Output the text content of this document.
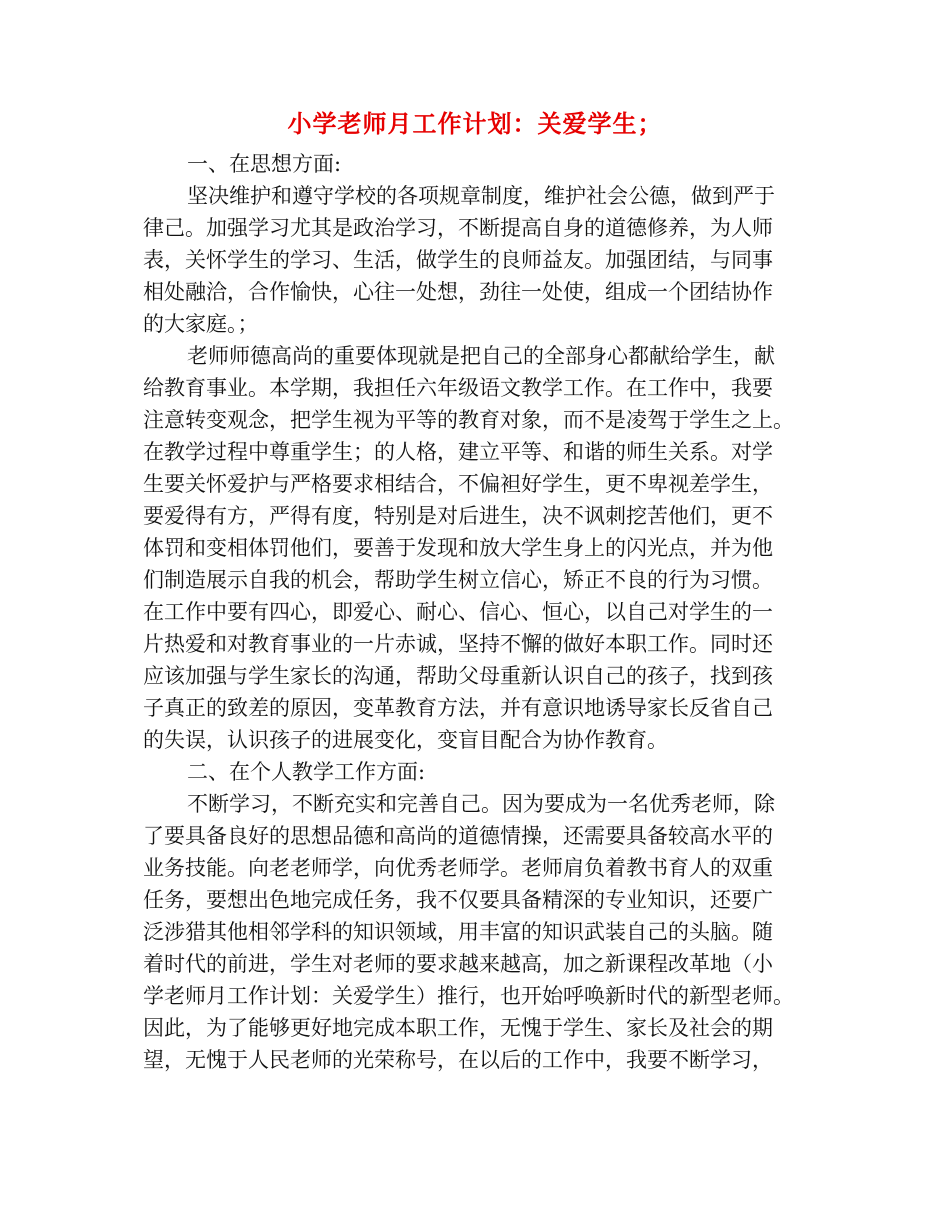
小学老师月工作计划：关爱学生；
一、在思想方面:
坚决维护和遵守学校的各项规章制度，维护社会公德，做到严于
律己。加强学习尤其是政治学习，不断提高自身的道德修养，为人师
表，关怀学生的学习、生活，做学生的良师益友。加强团结，与同事
相处融洽，合作愉快，心往一处想，劲往一处使，组成一个团结协作
的大家庭。；
老师师德高尚的重要体现就是把自己的全部身心都献给学生，献
给教育事业。本学期，我担任六年级语文教学工作。在工作中，我要
注意转变观念，把学生视为平等的教育对象，而不是凌驾于学生之上。
在教学过程中尊重学生；的人格，建立平等、和谐的师生关系。对学
生要关怀爱护与严格要求相结合，不偏袒好学生，更不卑视差学生，
要爱得有方，严得有度，特别是对后进生，决不讽刺挖苦他们，更不
体罚和变相体罚他们，要善于发现和放大学生身上的闪光点，并为他
们制造展示自我的机会，帮助学生树立信心，矫正不良的行为习惯。
在工作中要有四心，即爱心、耐心、信心、恒心，以自己对学生的一
片热爱和对教育事业的一片赤诚，坚持不懈的做好本职工作。同时还
应该加强与学生家长的沟通，帮助父母重新认识自己的孩子，找到孩
子真正的致差的原因，变革教育方法，并有意识地诱导家长反省自己
的失误，认识孩子的进展变化，变盲目配合为协作教育。
二、在个人教学工作方面:
不断学习，不断充实和完善自己。因为要成为一名优秀老师，除
了要具备良好的思想品德和高尚的道德情操，还需要具备较高水平的
业务技能。向老老师学，向优秀老师学。老师肩负着教书育人的双重
任务，要想出色地完成任务，我不仅要具备精深的专业知识，还要广
泛涉猎其他相邻学科的知识领域，用丰富的知识武装自己的头脑。随
着时代的前进，学生对老师的要求越来越高，加之新课程改革地（小
学老师月工作计划：关爱学生）推行，也开始呼唤新时代的新型老师。
因此，为了能够更好地完成本职工作，无愧于学生、家长及社会的期
望，无愧于人民老师的光荣称号，在以后的工作中，我要不断学习，
